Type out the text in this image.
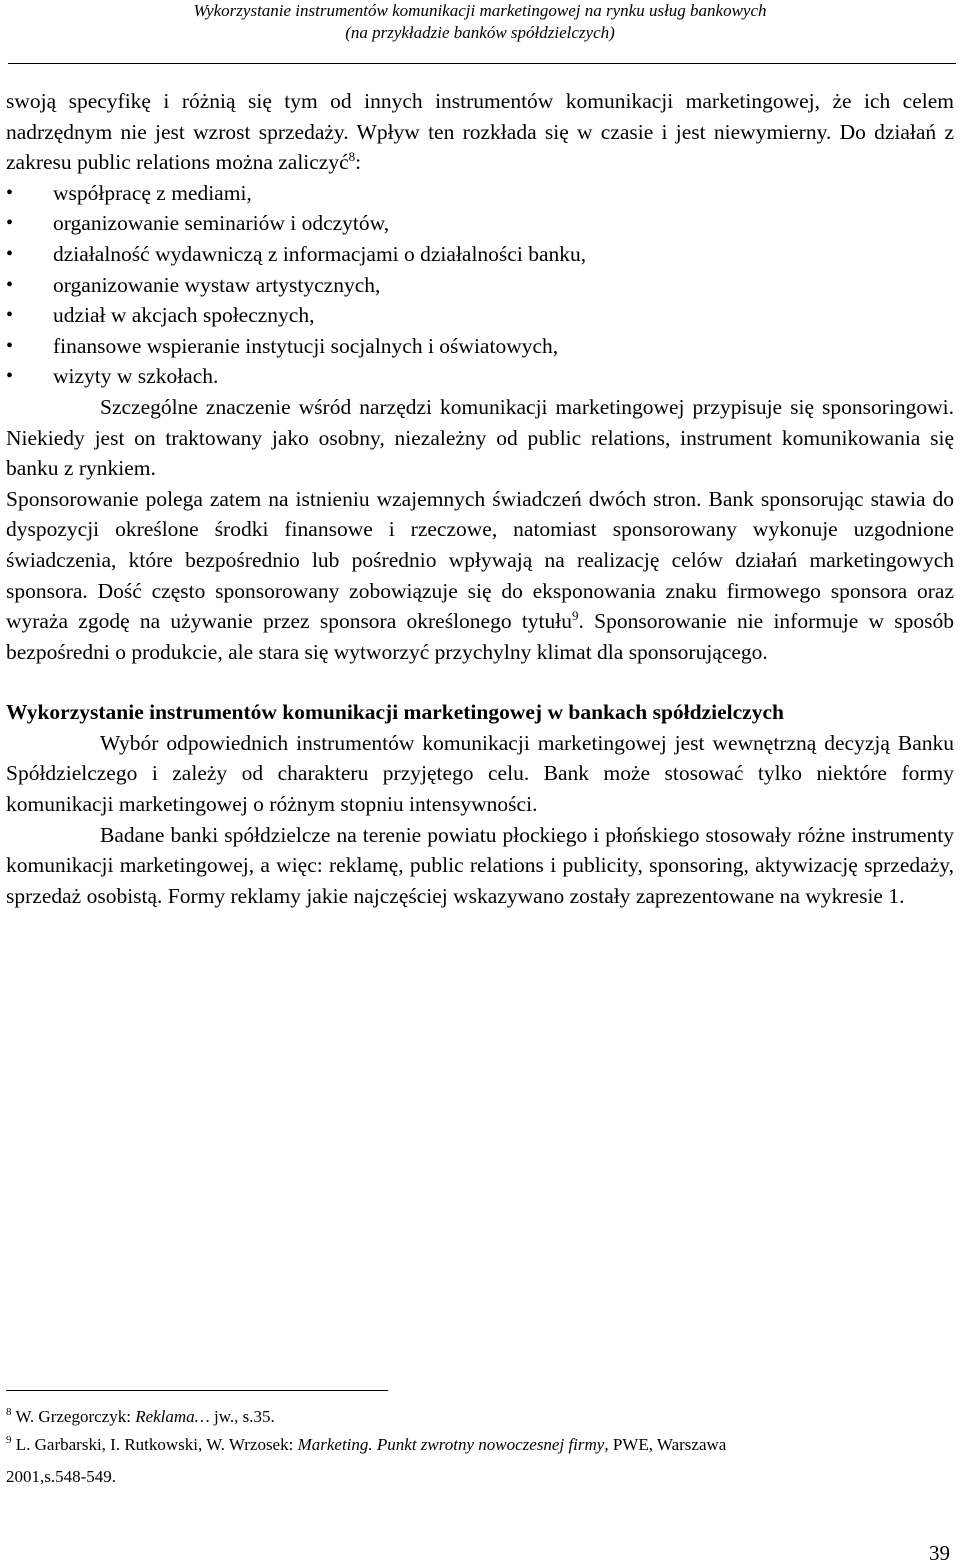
Wykorzystanie instrumentów komunikacji marketingowej na rynku usług bankowych
(na przykładzie banków spółdzielczych)

swoją specyfikę i różnią się tym od innych instrumentów komunikacji marketingowej, że ich celem nadrzędnym nie jest wzrost sprzedaży. Wpływ ten rozkłada się w czasie i jest niewymierny. Do działań z zakresu public relations można zaliczyć$^8$:

• współpracę z mediami,
• organizowanie seminariów i odczytów,
• działalność wydawniczą z informacjami o działalności banku,
• organizowanie wystaw artystycznych,
• udział w akcjach społecznych,
• finansowe wspieranie instytucji socjalnych i oświatowych,
• wizyty w szkołach.

Szczególne znaczenie wśród narzędzi komunikacji marketingowej przypisuje się sponsoringowi. Niekiedy jest on traktowany jako osobny, niezależny od public relations, instrument komunikowania się banku z rynkiem.

Sponsorowanie polega zatem na istnieniu wzajemnych świadczeń dwóch stron. Bank sponsorując stawia do dyspozycji określone środki finansowe i rzeczowe, natomiast sponsorowany wykonuje uzgodnione świadczenia, które bezpośrednio lub pośrednio wpływają na realizację celów działań marketingowych sponsora. Dość często sponsorowany zobowiązuje się do eksponowania znaku firmowego sponsora oraz wyraża zgodę na używanie przez sponsora określonego tytułu$^9$. Sponsorowanie nie informuje w sposób bezpośredni o produkcie, ale stara się wytworzyć przychylny klimat dla sponsorującego.

Wykorzystanie instrumentów komunikacji marketingowej w bankach spółdzielczych

Wybór odpowiednich instrumentów komunikacji marketingowej jest wewnętrzną decyzją Banku Spółdzielczego i zależy od charakteru przyjętego celu. Bank może stosować tylko niektóre formy komunikacji marketingowej o różnym stopniu intensywności.

Badane banki spółdzielcze na terenie powiatu płockiego i płońskiego stosowały różne instrumenty komunikacji marketingowej, a więc: reklamę, public relations i publicity, sponsoring, aktywizację sprzedaży, sprzedaż osobistą. Formy reklamy jakie najczęściej wskazywano zostały zaprezentowane na wykresie 1.

$^8$ W. Grzegorczyk: Reklama… jw., s.35.

$^9$ L. Garbarski, I. Rutkowski, W. Wrzosek: Marketing. Punkt zwrotny nowoczesnej firmy, PWE, Warszawa

2001,s.548-549.

39
